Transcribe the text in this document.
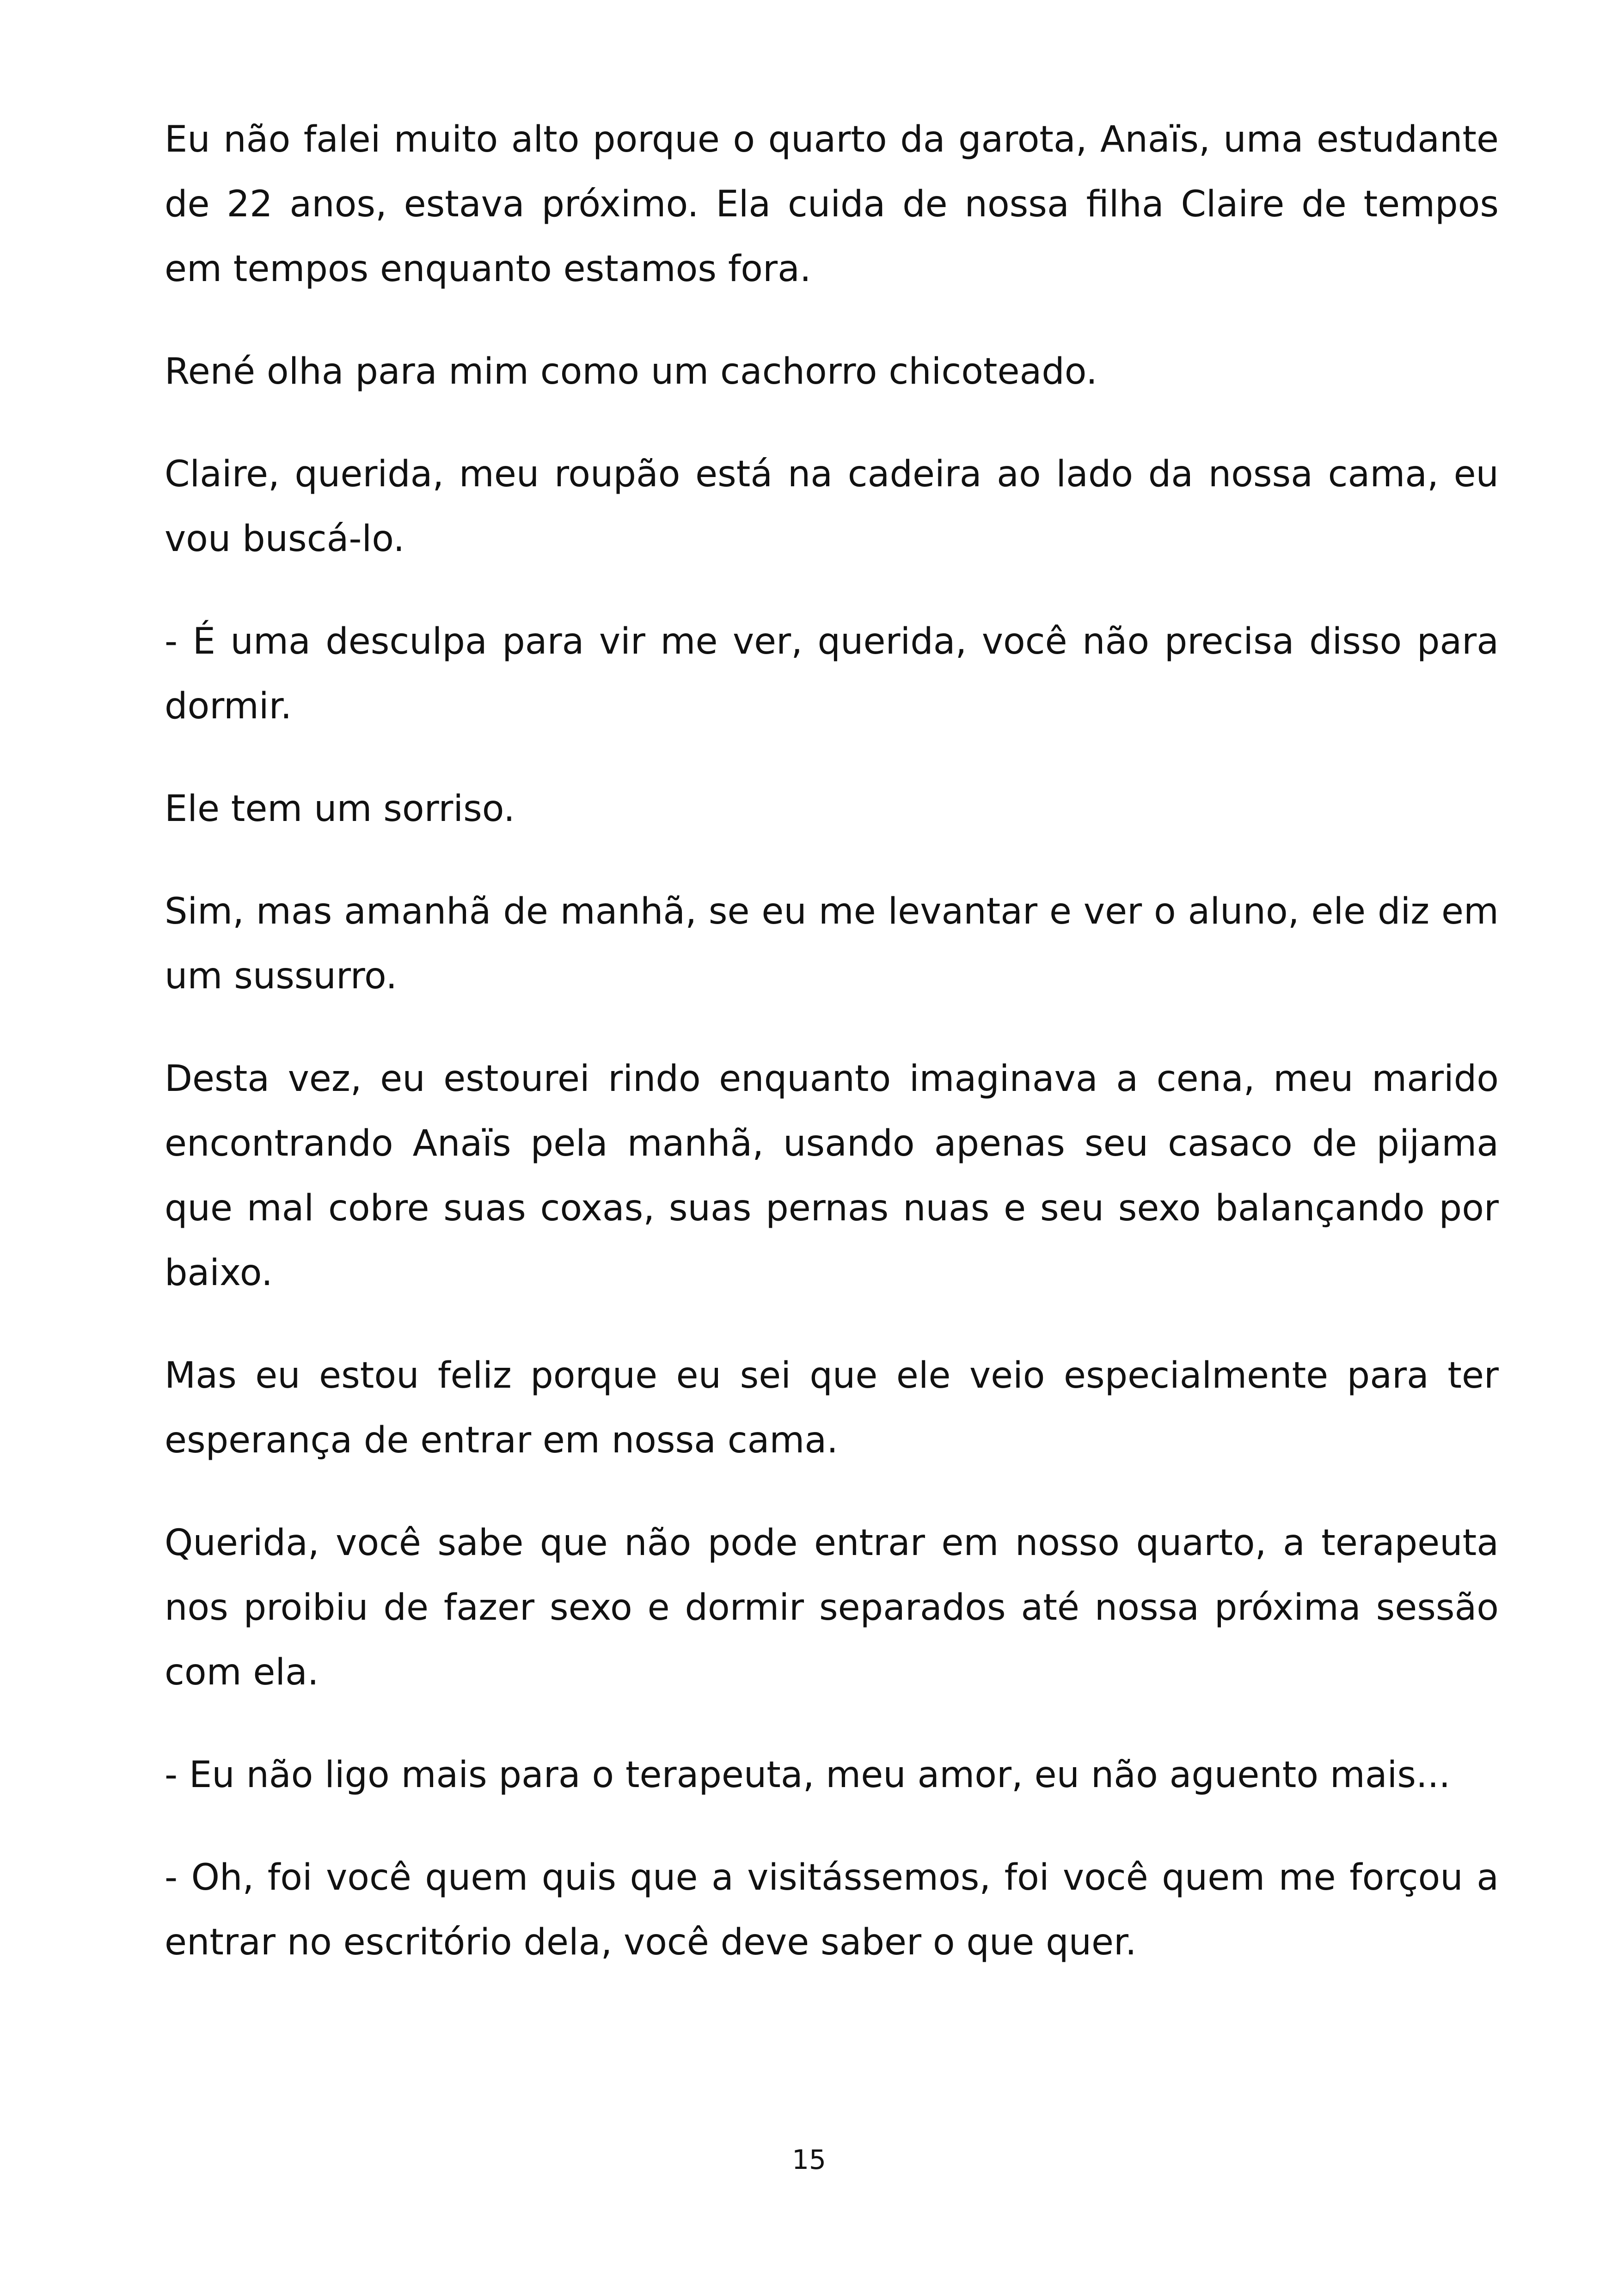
Eu não falei muito alto porque o quarto da garota, Anaïs, uma estudante de 22 anos, estava próximo. Ela cuida de nossa filha Claire de tempos em tempos enquanto estamos fora.

René olha para mim como um cachorro chicoteado.

Claire, querida, meu roupão está na cadeira ao lado da nossa cama, eu vou buscá-lo.

- É uma desculpa para vir me ver, querida, você não precisa disso para dormir.

Ele tem um sorriso.

Sim, mas amanhã de manhã, se eu me levantar e ver o aluno, ele diz em um sussurro.

Desta vez, eu estourei rindo enquanto imaginava a cena, meu marido encontrando Anaïs pela manhã, usando apenas seu casaco de pijama que mal cobre suas coxas, suas pernas nuas e seu sexo balançando por baixo.

Mas eu estou feliz porque eu sei que ele veio especialmente para ter esperança de entrar em nossa cama.

Querida, você sabe que não pode entrar em nosso quarto, a terapeuta nos proibiu de fazer sexo e dormir separados até nossa próxima sessão com ela.

- Eu não ligo mais para o terapeuta, meu amor, eu não aguento mais...

- Oh, foi você quem quis que a visitássemos, foi você quem me forçou a entrar no escritório dela, você deve saber o que quer.

15
